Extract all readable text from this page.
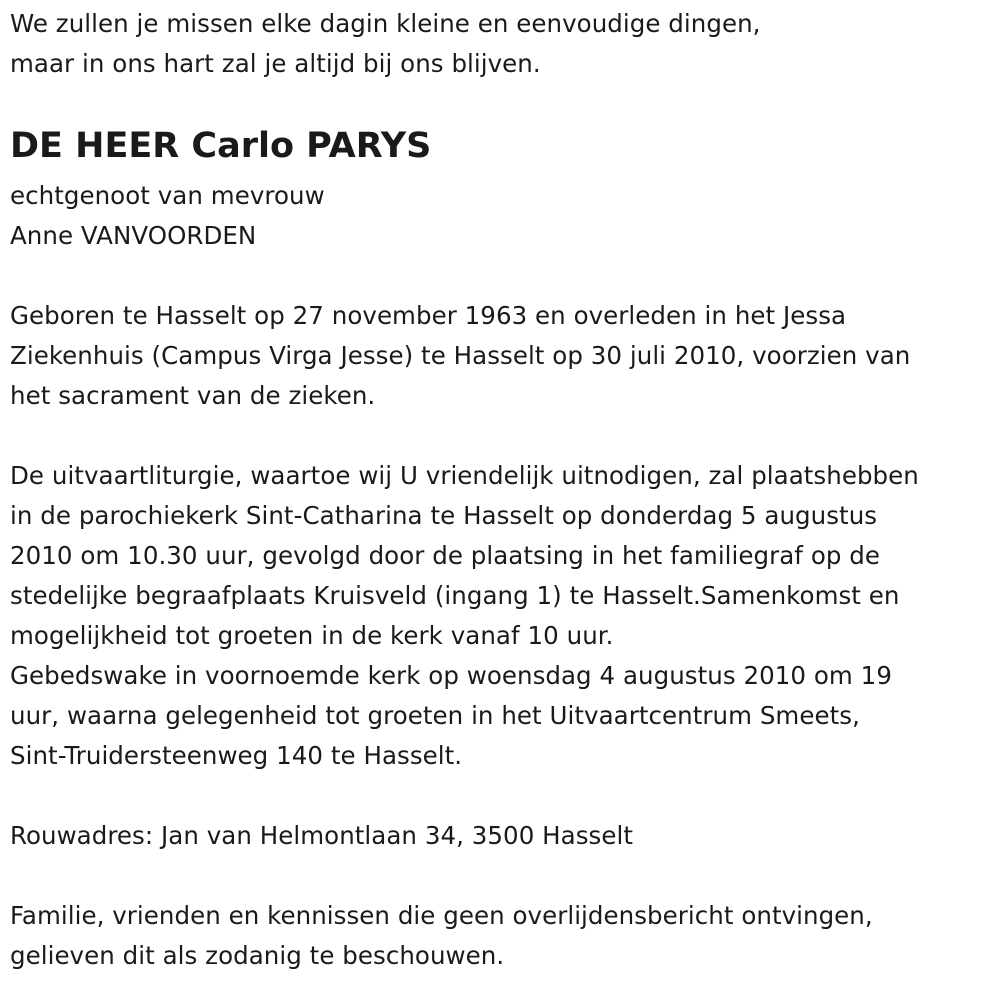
We zullen je missen elke dagin kleine en eenvoudige dingen,
maar in ons hart zal je altijd bij ons blijven.
DE HEER Carlo PARYS
echtgenoot van mevrouw
Anne VANVOORDEN
Geboren te Hasselt op 27 november 1963 en overleden in het Jessa
Ziekenhuis (Campus Virga Jesse) te Hasselt op 30 juli 2010, voorzien van
het sacrament van de zieken.
De uitvaartliturgie, waartoe wij U vriendelijk uitnodigen, zal plaatshebben
in de parochiekerk Sint-Catharina te Hasselt op donderdag 5 augustus
2010 om 10.30 uur, gevolgd door de plaatsing in het familiegraf op de
stedelijke begraafplaats Kruisveld (ingang 1) te Hasselt.Samenkomst en
mogelijkheid tot groeten in de kerk vanaf 10 uur.
Gebedswake in voornoemde kerk op woensdag 4 augustus 2010 om 19
uur, waarna gelegenheid tot groeten in het Uitvaartcentrum Smeets,
Sint-Truidersteenweg 140 te Hasselt.
Rouwadres: Jan van Helmontlaan 34, 3500 Hasselt
Familie, vrienden en kennissen die geen overlijdensbericht ontvingen,
gelieven dit als zodanig te beschouwen.
